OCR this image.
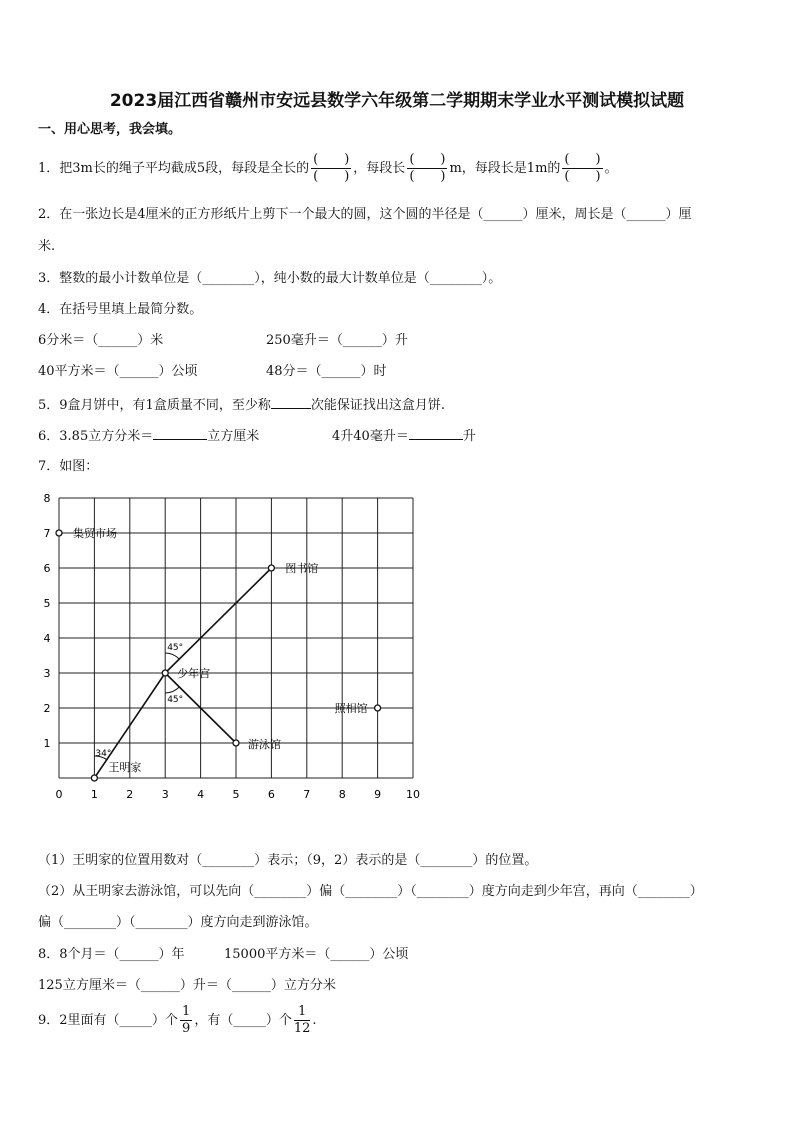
2023届江西省赣州市安远县数学六年级第二学期期末学业水平测试模拟试题
一、用心思考，我会填。
1．把3m长的绳子平均截成5段，每段是全长的 $\frac{( )}{( )}$ ，每段长 $\frac{( )}{( )}$ m，每段长是1m的 $\frac{( )}{( )}$ 。
2．在一张边长是4厘米的正方形纸片上剪下一个最大的圆，这个圆的半径是（______）厘米，周长是（______）厘
米.
3．整数的最小计数单位是（________），纯小数的最大计数单位是（________）。
4．在括号里填上最简分数。
6分米＝（______）米	250毫升＝（______）升
40平方米＝（______）公顷	48分＝（______）时
5．9盒月饼中，有1盒质量不同，至少称	次能保证找出这盒月饼.
6．3.85立方分米＝	立方厘米	4升40毫升＝	升
7．如图：
0	1	2	3	4	5	6	7	8	9 10
1
2
3
4
5
6
7
8
集贸市场
图书馆
少年宫
照相馆
游泳馆
王明家
45°
45°
34°
（1）王明家的位置用数对（________）表示；（9，2）表示的是（________）的位置。
（2）从王明家去游泳馆，可以先向（________）偏（________）（________）度方向走到少年宫，再向（________）
偏（________）（________）度方向走到游泳馆。
8．8个月＝（______）年	15000平方米＝（______）公顷
125立方厘米＝（______）升＝（______）立方分米
9．2里面有（_____）个 $\frac{1}{9}$ ，有（_____）个 $\frac{1}{12}$ .
